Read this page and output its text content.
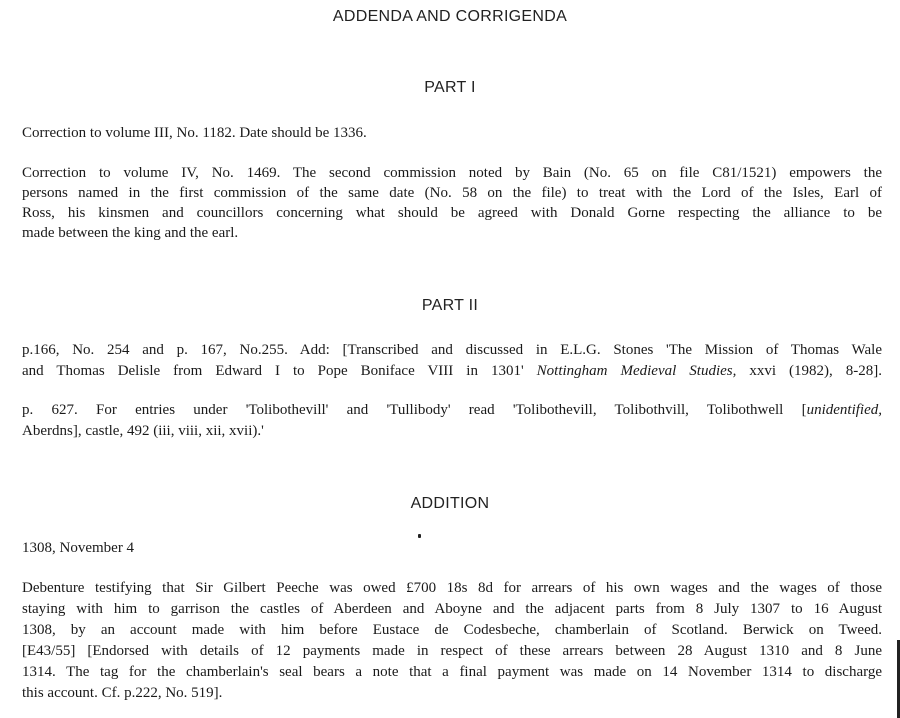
ADDENDA AND CORRIGENDA
PART I
Correction to volume III, No. 1182. Date should be 1336.
Correction to volume IV, No. 1469. The second commission noted by Bain (No. 65 on file C81/1521) empowers the
persons named in the first commission of the same date (No. 58 on the file) to treat with the Lord of the Isles, Earl of
Ross, his kinsmen and councillors concerning what should be agreed with Donald Gorne respecting the alliance to be
made between the king and the earl.
PART II
p.166, No. 254 and p. 167, No.255. Add: [Transcribed and discussed in E.L.G. Stones 'The Mission of Thomas Wale
and Thomas Delisle from Edward I to Pope Boniface VIII in 1301' Nottingham Medieval Studies, xxvi (1982), 8-28].
p. 627. For entries under 'Tolibothevill' and 'Tullibody' read 'Tolibothevill, Tolibothvill, Tolibothwell [unidentified,
Aberdns], castle, 492 (iii, viii, xii, xvii).'
ADDITION
1308, November 4
Debenture testifying that Sir Gilbert Peeche was owed £700 18s 8d for arrears of his own wages and the wages of those
staying with him to garrison the castles of Aberdeen and Aboyne and the adjacent parts from 8 July 1307 to 16 August
1308, by an account made with him before Eustace de Codesbeche, chamberlain of Scotland. Berwick on Tweed.
[E43/55] [Endorsed with details of 12 payments made in respect of these arrears between 28 August 1310 and 8 June
1314. The tag for the chamberlain's seal bears a note that a final payment was made on 14 November 1314 to discharge
this account. Cf. p.222, No. 519].
